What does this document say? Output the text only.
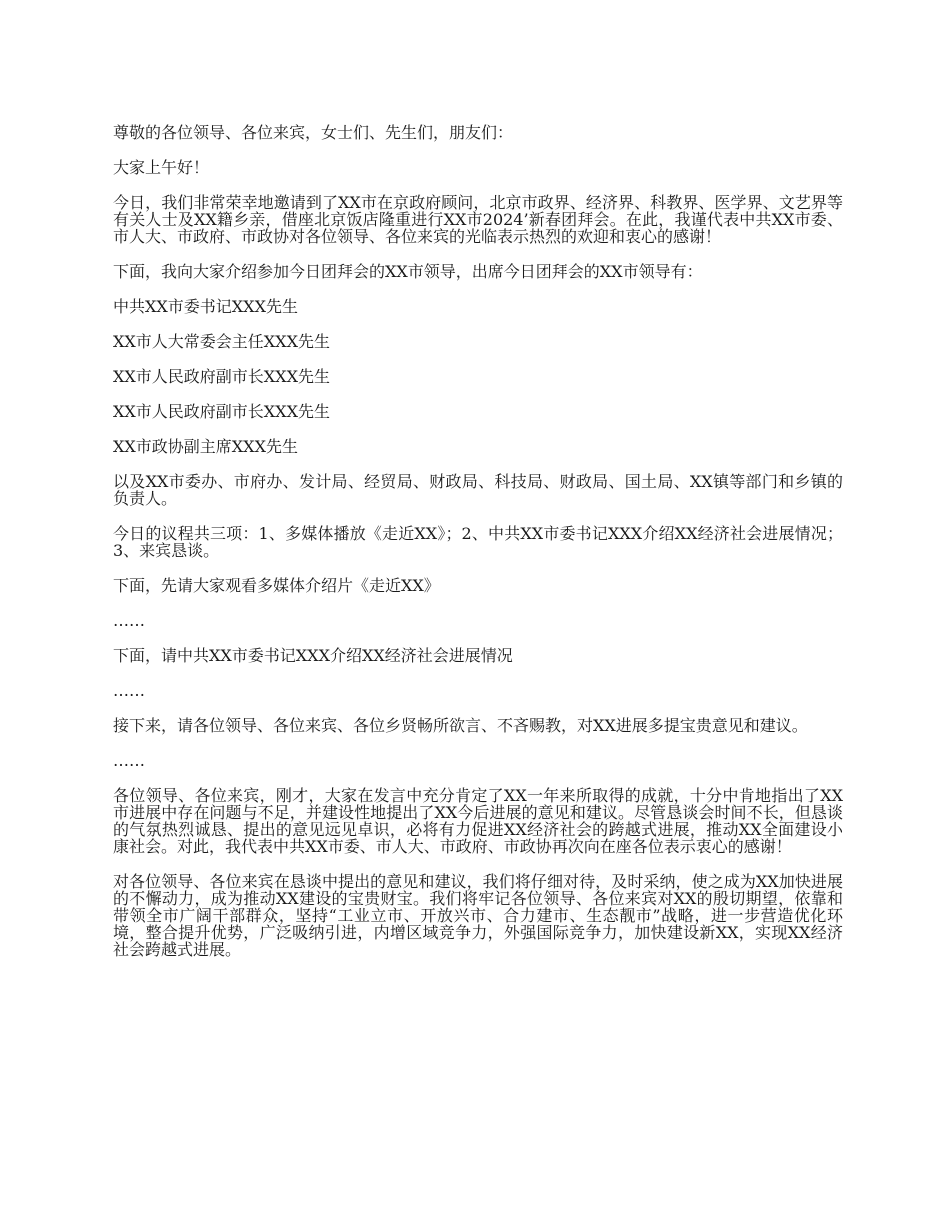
尊敬的各位领导、各位来宾，女士们、先生们，朋友们：

大家上午好！

今日，我们非常荣幸地邀请到了XX市在京政府顾问，北京市政界、经济界、科教界、医学界、文艺界等有关人士及XX籍乡亲，借座北京饭店隆重进行XX市2024’新春团拜会。在此，我谨代表中共XX市委、市人大、市政府、市政协对各位领导、各位来宾的光临表示热烈的欢迎和衷心的感谢！

下面，我向大家介绍参加今日团拜会的XX市领导，出席今日团拜会的XX市领导有：

中共XX市委书记XXX先生

XX市人大常委会主任XXX先生

XX市人民政府副市长XXX先生

XX市人民政府副市长XXX先生

XX市政协副主席XXX先生

以及XX市委办、市府办、发计局、经贸局、财政局、科技局、财政局、国土局、XX镇等部门和乡镇的负责人。

今日的议程共三项：1、多媒体播放《走近XX》；2、中共XX市委书记XXX介绍XX经济社会进展情况；3、来宾恳谈。

下面，先请大家观看多媒体介绍片《走近XX》

……

下面，请中共XX市委书记XXX介绍XX经济社会进展情况

……

接下来，请各位领导、各位来宾、各位乡贤畅所欲言、不吝赐教，对XX进展多提宝贵意见和建议。

……

各位领导、各位来宾，刚才，大家在发言中充分肯定了XX一年来所取得的成就，十分中肯地指出了XX市进展中存在问题与不足，并建设性地提出了XX今后进展的意见和建议。尽管恳谈会时间不长，但恳谈的气氛热烈诚恳、提出的意见远见卓识，必将有力促进XX经济社会的跨越式进展，推动XX全面建设小康社会。对此，我代表中共XX市委、市人大、市政府、市政协再次向在座各位表示衷心的感谢！

对各位领导、各位来宾在恳谈中提出的意见和建议，我们将仔细对待，及时采纳，使之成为XX加快进展的不懈动力，成为推动XX建设的宝贵财宝。我们将牢记各位领导、各位来宾对XX的殷切期望，依靠和带领全市广阔干部群众，坚持“工业立市、开放兴市、合力建市、生态靓市”战略，进一步营造优化环境，整合提升优势，广泛吸纳引进，内增区域竞争力，外强国际竞争力，加快建设新XX，实现XX经济社会跨越式进展。
